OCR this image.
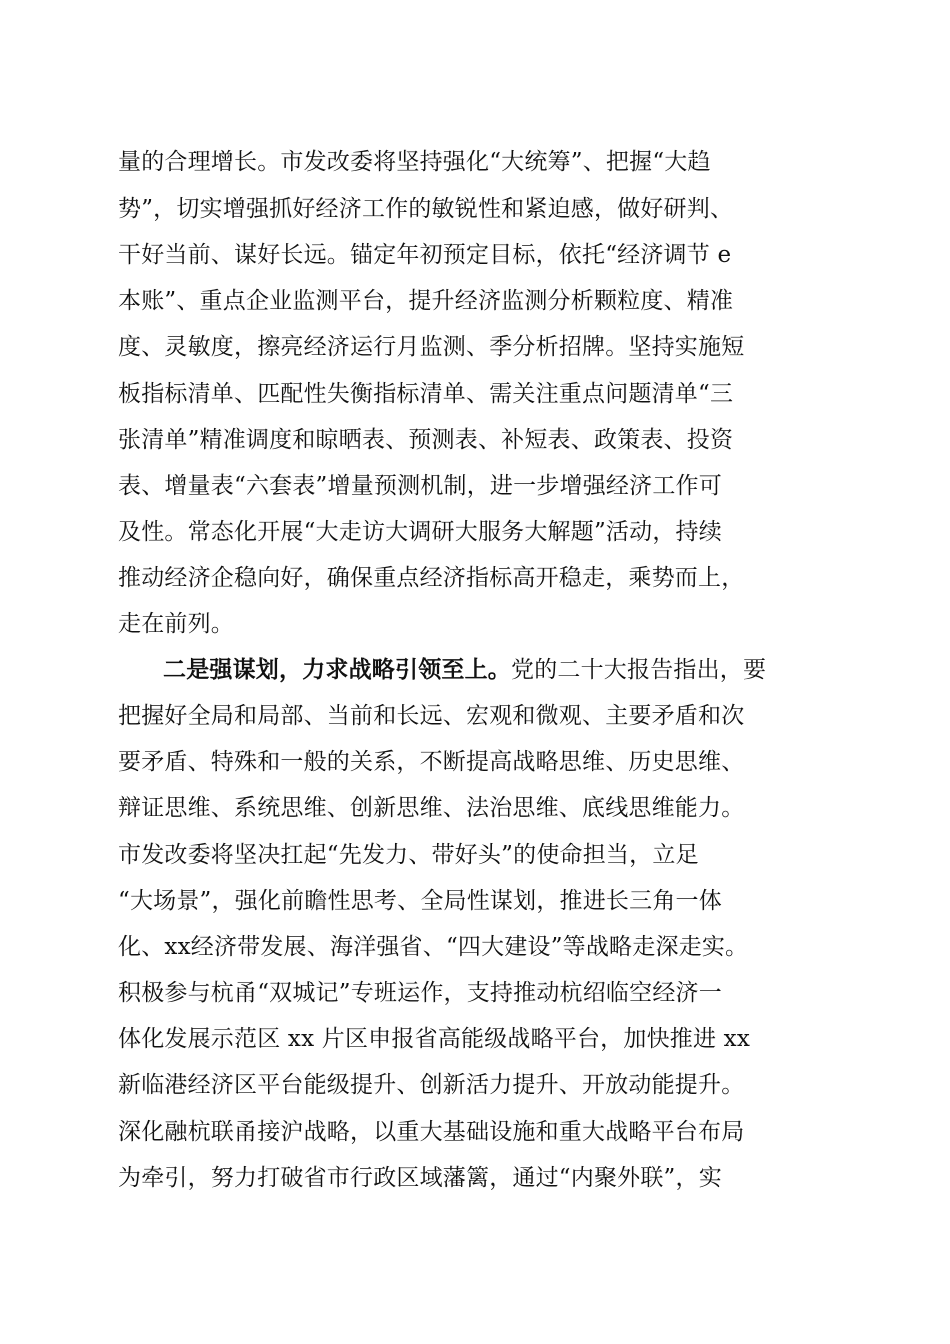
量的合理增长。市发改委将坚持强化“大统筹”、把握“大趋
势”，切实增强抓好经济工作的敏锐性和紧迫感，做好研判、
干好当前、谋好长远。锚定年初预定目标，依托“经济调节 e
本账”、重点企业监测平台，提升经济监测分析颗粒度、精准
度、灵敏度，擦亮经济运行月监测、季分析招牌。坚持实施短
板指标清单、匹配性失衡指标清单、需关注重点问题清单“三
张清单”精准调度和晾晒表、预测表、补短表、政策表、投资
表、增量表“六套表”增量预测机制，进一步增强经济工作可
及性。常态化开展“大走访大调研大服务大解题”活动，持续
推动经济企稳向好，确保重点经济指标高开稳走，乘势而上，
走在前列。
二是强谋划，力求战略引领至上。党的二十大报告指出，要
把握好全局和局部、当前和长远、宏观和微观、主要矛盾和次
要矛盾、特殊和一般的关系，不断提高战略思维、历史思维、
辩证思维、系统思维、创新思维、法治思维、底线思维能力。
市发改委将坚决扛起“先发力、带好头”的使命担当，立足
“大场景”，强化前瞻性思考、全局性谋划，推进长三角一体
化、xx经济带发展、海洋强省、“四大建设”等战略走深走实。
积极参与杭甬“双城记”专班运作，支持推动杭绍临空经济一
体化发展示范区 xx 片区申报省高能级战略平台，加快推进 xx
新临港经济区平台能级提升、创新活力提升、开放动能提升。
深化融杭联甬接沪战略，以重大基础设施和重大战略平台布局
为牵引，努力打破省市行政区域藩篱，通过“内聚外联”，实
